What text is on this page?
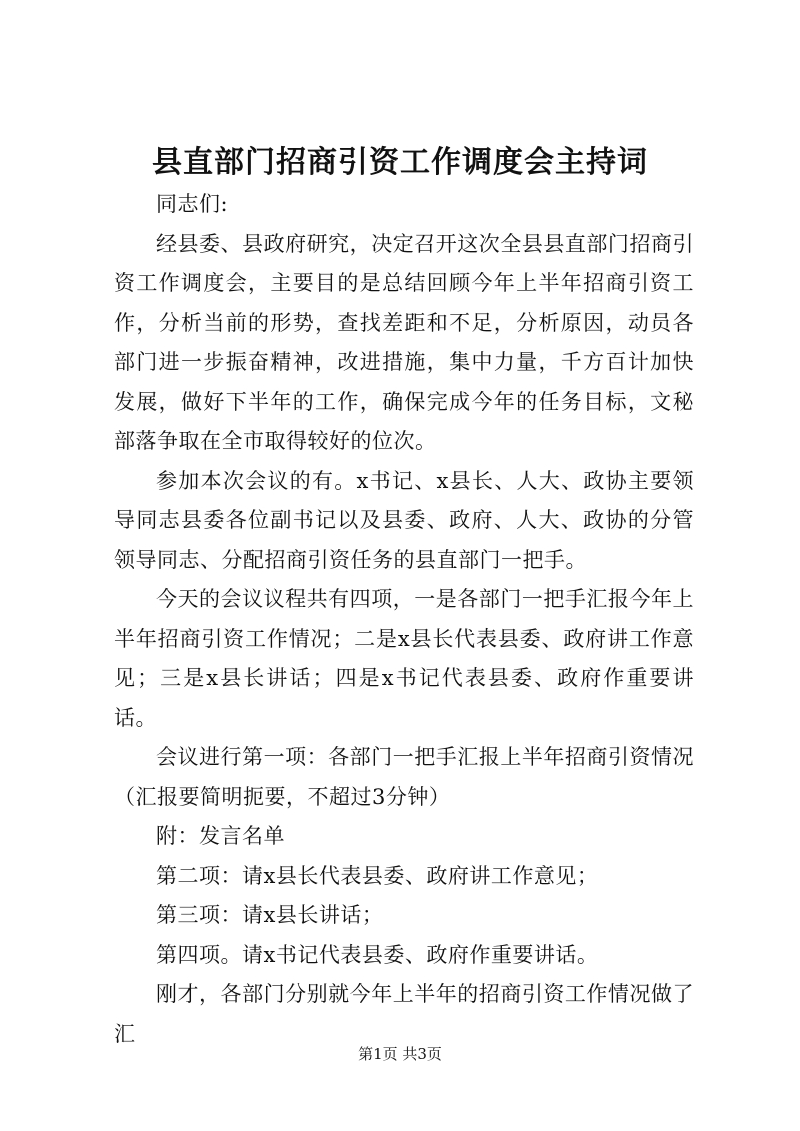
县直部门招商引资工作调度会主持词

同志们:

经县委、县政府研究，决定召开这次全县县直部门招商引资工作调度会，主要目的是总结回顾今年上半年招商引资工作，分析当前的形势，查找差距和不足，分析原因，动员各部门进一步振奋精神，改进措施，集中力量，千方百计加快发展，做好下半年的工作，确保完成今年的任务目标，文秘部落争取在全市取得较好的位次。

参加本次会议的有。x书记、x县长、人大、政协主要领导同志县委各位副书记以及县委、政府、人大、政协的分管领导同志、分配招商引资任务的县直部门一把手。

今天的会议议程共有四项，一是各部门一把手汇报今年上半年招商引资工作情况；二是x县长代表县委、政府讲工作意见；三是x县长讲话；四是x书记代表县委、政府作重要讲话。

会议进行第一项：各部门一把手汇报上半年招商引资情况（汇报要简明扼要，不超过3分钟）

附：发言名单

第二项：请x县长代表县委、政府讲工作意见；

第三项：请x县长讲话；

第四项。请x书记代表县委、政府作重要讲话。

刚才，各部门分别就今年上半年的招商引资工作情况做了汇

第1页 共3页
